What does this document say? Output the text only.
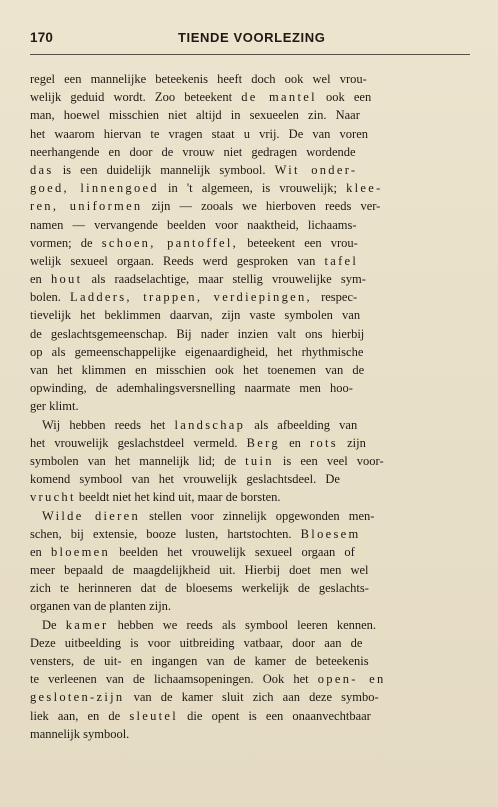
170	TIENDE VOORLEZING
regel een mannelijke beteekenis heeft doch ook wel vrou-
welijk geduid wordt. Zoo beteekent de mantel ook een
man, hoewel misschien niet altijd in sexueelen zin. Naar
het waarom hiervan te vragen staat u vrij. De van voren
neerhangende en door de vrouw niet gedragen wordende
das is een duidelijk mannelijk symbool. Wit onder-
goed, linnengoed in 't algemeen, is vrouwelijk; klee-
ren, uniformen zijn — zooals we hierboven reeds ver-
namen — vervangende beelden voor naaktheid, lichaams-
vormen; de schoen, pantoffel, beteekent een vrou-
welijk sexueel orgaan. Reeds werd gesproken van tafel
en hout als raadselachtige, maar stellig vrouwelijke sym-
bolen. Ladders, trappen, verdiepingen, respec-
tievelijk het beklimmen daarvan, zijn vaste symbolen van
de geslachtsgemeenschap. Bij nader inzien valt ons hierbij
op als gemeenschappelijke eigenaardigheid, het rhythmische
van het klimmen en misschien ook het toenemen van de
opwinding, de ademhalingsversnelling naarmate men hoo-
ger klimt.
Wij hebben reeds het landschap als afbeelding van
het vrouwelijk geslachstdeel vermeld. Berg en rots zijn
symbolen van het mannelijk lid; de tuin is een veel voor-
komend symbool van het vrouwelijk geslachtsdeel. De
vrucht beeldt niet het kind uit, maar de borsten.
Wilde dieren stellen voor zinnelijk opgewonden men-
schen, bij extensie, booze lusten, hartstochten. Bloesem
en bloemen beelden het vrouwelijk sexueel orgaan of
meer bepaald de maagdelijkheid uit. Hierbij doet men wel
zich te herinneren dat de bloesems werkelijk de geslachts-
organen van de planten zijn.
De kamer hebben we reeds als symbool leeren kennen.
Deze uitbeelding is voor uitbreiding vatbaar, door aan de
vensters, de uit- en ingangen van de kamer de beteekenis
te verleenen van de lichaamsopeningen. Ook het open- en
gesloten-zijn van de kamer sluit zich aan deze symbo-
liek aan, en de sleutel die opent is een onaanvechtbaar
mannelijk symbool.
